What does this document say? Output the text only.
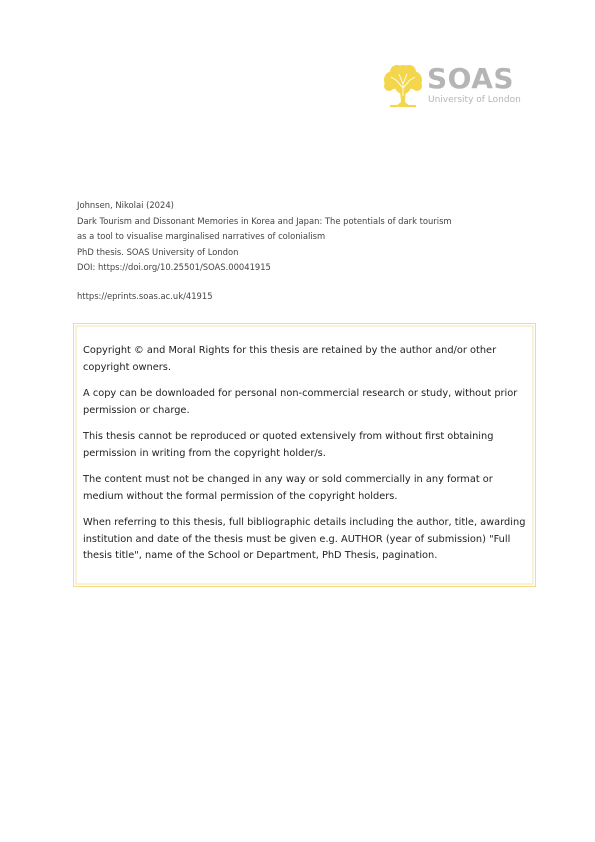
SOAS
University of London
Johnsen, Nikolai (2024)
Dark Tourism and Dissonant Memories in Korea and Japan: The potentials of dark tourism
as a tool to visualise marginalised narratives of colonialism
PhD thesis. SOAS University of London
DOI: https://doi.org/10.25501/SOAS.00041915
https://eprints.soas.ac.uk/41915

Copyright © and Moral Rights for this thesis are retained by the author and/or other copyright owners.

A copy can be downloaded for personal non-commercial research or study, without prior permission or charge.

This thesis cannot be reproduced or quoted extensively from without first obtaining permission in writing from the copyright holder/s.

The content must not be changed in any way or sold commercially in any format or medium without the formal permission of the copyright holders.

When referring to this thesis, full bibliographic details including the author, title, awarding institution and date of the thesis must be given e.g. AUTHOR (year of submission) "Full thesis title", name of the School or Department, PhD Thesis, pagination.
